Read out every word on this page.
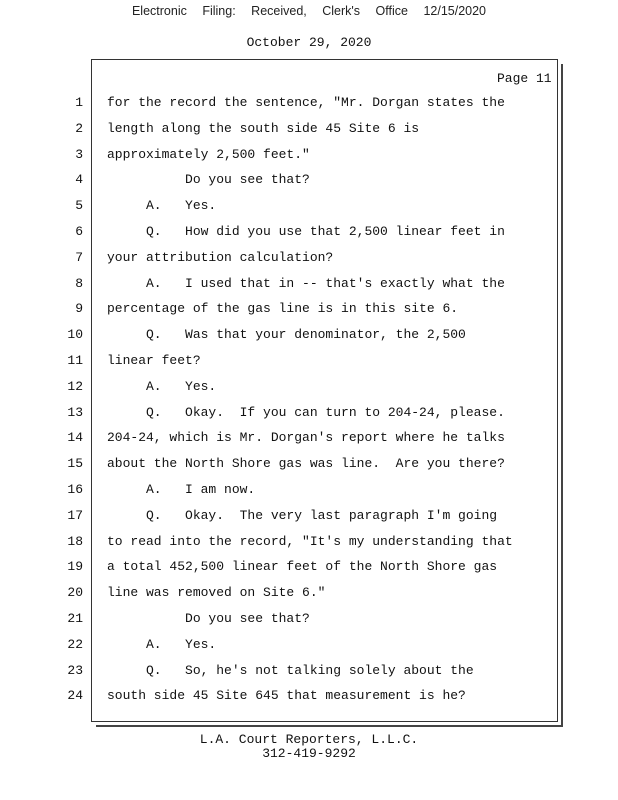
Electronic Filing: Received, Clerk's Office 12/15/2020
October 29, 2020
Page 11
1 for the record the sentence, "Mr. Dorgan states the
2 length along the south side 45 Site 6 is
3 approximately 2,500 feet."
4 Do you see that?
5 A.   Yes.
6 Q.   How did you use that 2,500 linear feet in
7 your attribution calculation?
8 A.   I used that in -- that's exactly what the
9 percentage of the gas line is in this site 6.
10 Q.   Was that your denominator, the 2,500
11 linear feet?
12 A.   Yes.
13 Q.   Okay.  If you can turn to 204-24, please.
14 204-24, which is Mr. Dorgan's report where he talks
15 about the North Shore gas was line.  Are you there?
16 A.   I am now.
17 Q.   Okay.  The very last paragraph I'm going
18 to read into the record, "It's my understanding that
19 a total 452,500 linear feet of the North Shore gas
20 line was removed on Site 6."
21 Do you see that?
22 A.   Yes.
23 Q.   So, he's not talking solely about the
24 south side 45 Site 645 that measurement is he?
L.A. Court Reporters, L.L.C.
312-419-9292
